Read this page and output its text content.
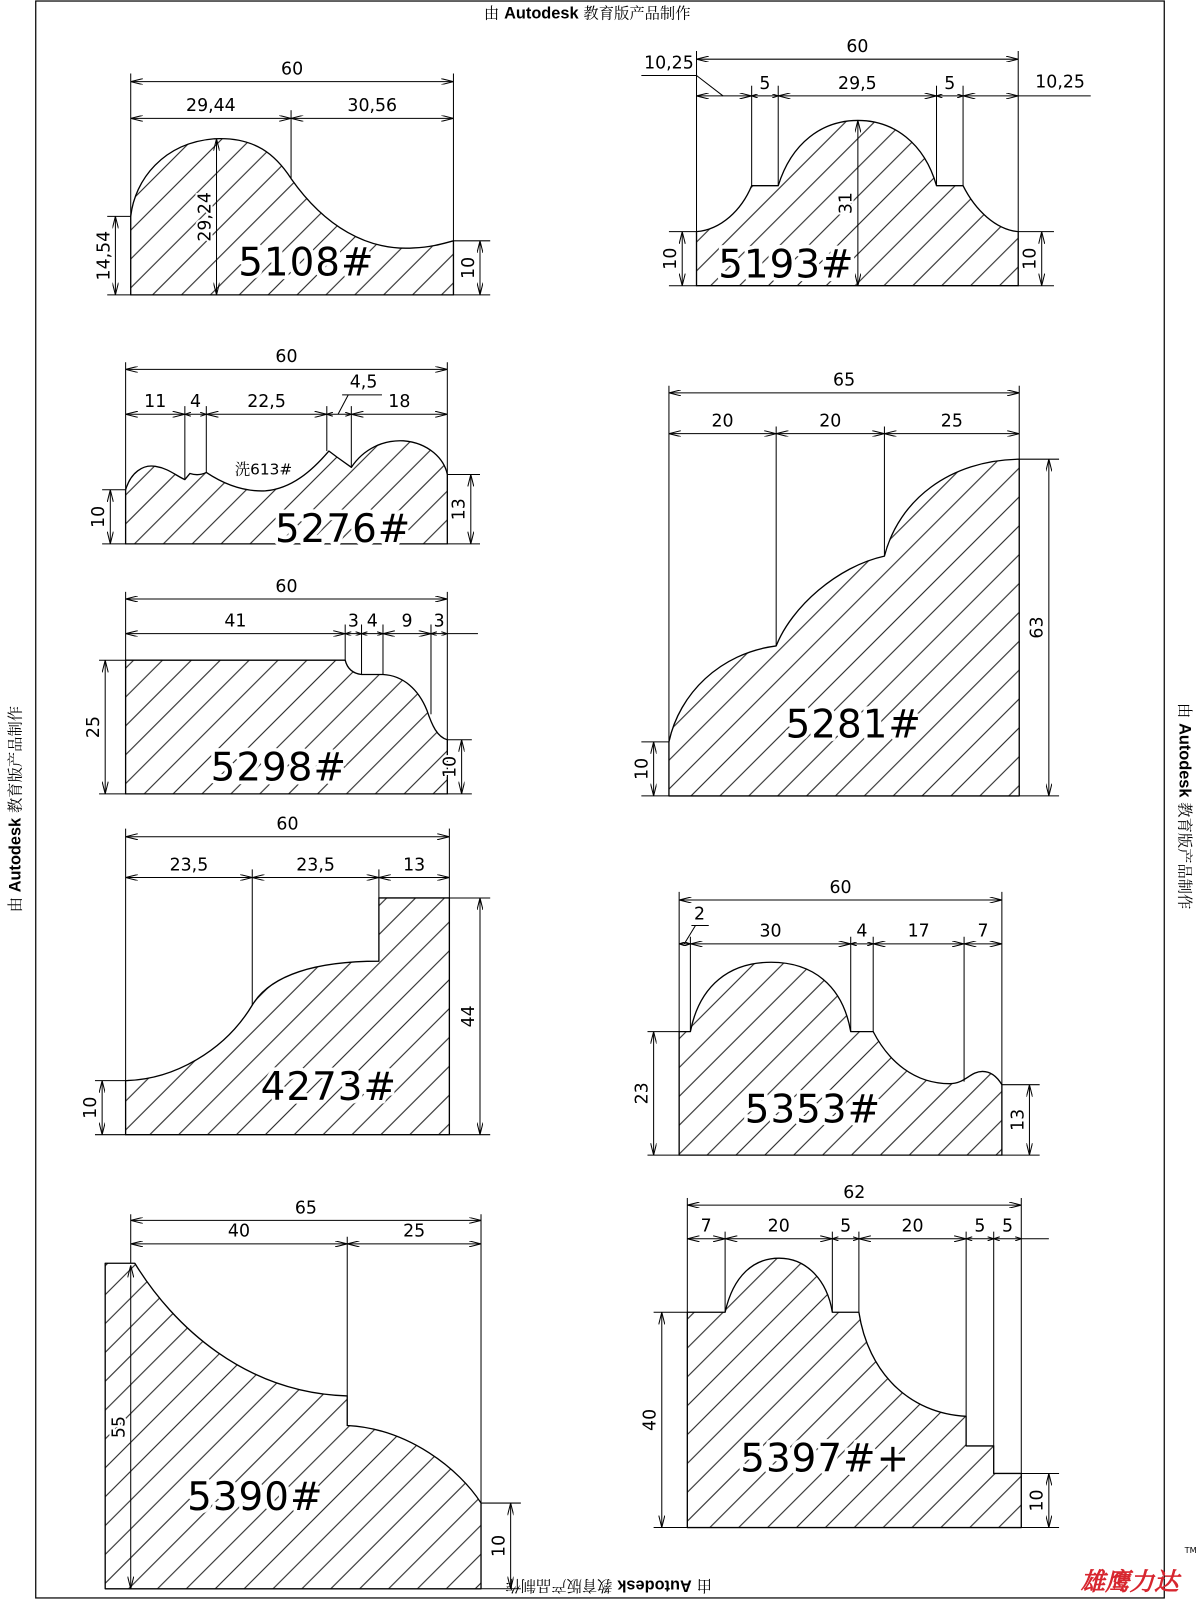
由 Autodesk 教育版产品制作
由 Autodesk 教育版产品制作	由 Autodesk 教育版产品制作
由 Autodesk 教育版产品制作
60
29,44	30,56
29,24
14,54	10
5108#
60
5	29,5	5	10,25
31
10	10
10,25
5193#
60
11 4	22,5	18
10	13
4,5
洗613#
5276#
60
41	3 4 9 3
25
10
5298#
65
20	20	25
63
10
5281#
60
23,5	23,5	13
44
10	4273#
60
30	4 17	7
23
13
2
5353#
65
40	25
55
10
5390#
62
7	20	5	20	5 5
40
10
5397#+
雄鹰力达
TM
